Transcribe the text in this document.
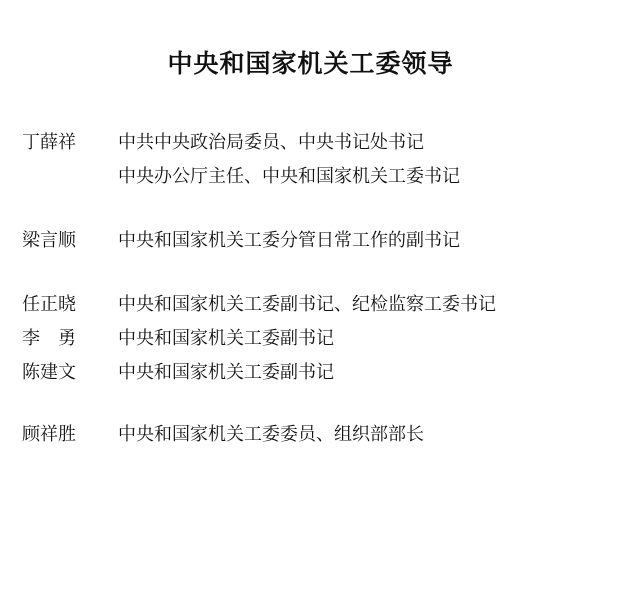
中央和国家机关工委领导
丁薛祥	中共中央政治局委员、中央书记处书记
中央办公厅主任、中央和国家机关工委书记
梁言顺	中央和国家机关工委分管日常工作的副书记
任正晓	中央和国家机关工委副书记、纪检监察工委书记
李　勇	中央和国家机关工委副书记
陈建文	中央和国家机关工委副书记
顾祥胜	中央和国家机关工委委员、组织部部长
